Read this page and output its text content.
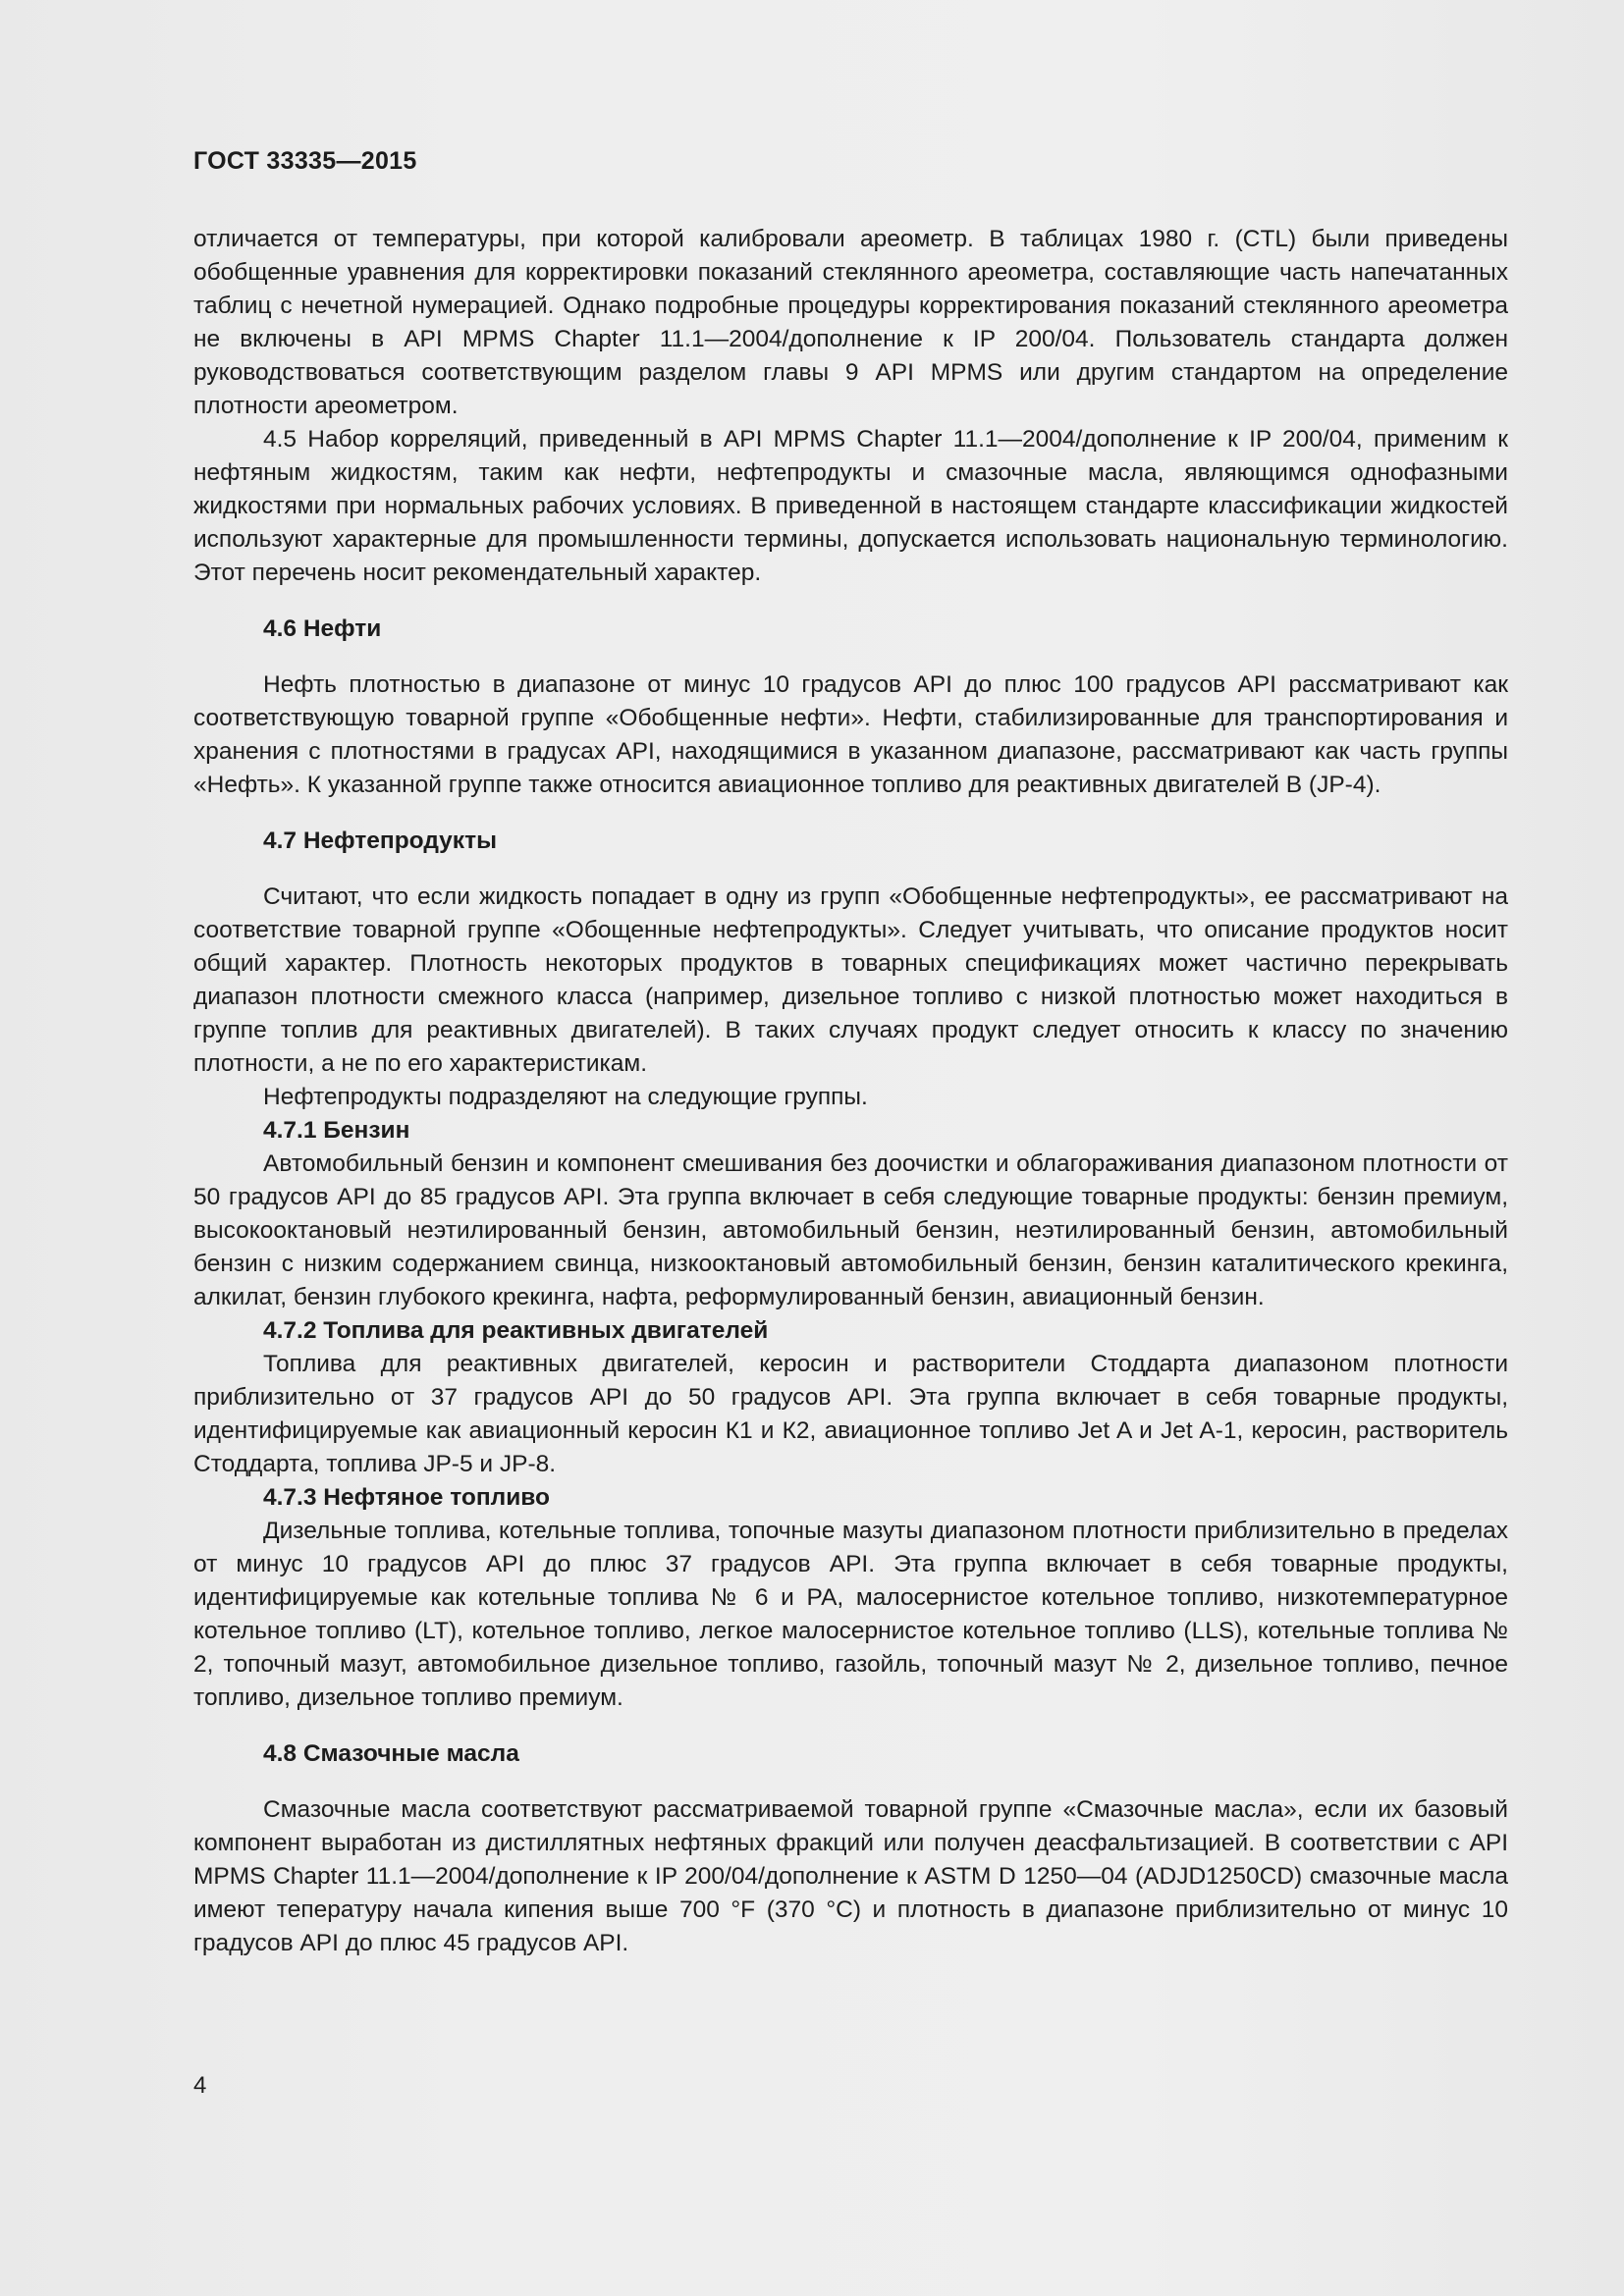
ГОСТ 33335—2015

отличается от температуры, при которой калибровали ареометр. В таблицах 1980 г. (CTL) были приведены обобщенные уравнения для корректировки показаний стеклянного ареометра, составляющие часть напечатанных таблиц с нечетной нумерацией. Однако подробные процедуры корректирования показаний стеклянного ареометра не включены в API MPMS Chapter 11.1—2004/дополнение к IP 200/04. Пользователь стандарта должен руководствоваться соответствующим разделом главы 9 API MPMS или другим стандартом на определение плотности ареометром.

4.5 Набор корреляций, приведенный в API MPMS Chapter 11.1—2004/дополнение к IP 200/04, применим к нефтяным жидкостям, таким как нефти, нефтепродукты и смазочные масла, являющимся однофазными жидкостями при нормальных рабочих условиях. В приведенной в настоящем стандарте классификации жидкостей используют характерные для промышленности термины, допускается использовать национальную терминологию. Этот перечень носит рекомендательный характер.

4.6 Нефти

Нефть плотностью в диапазоне от минус 10 градусов API до плюс 100 градусов API рассматривают как соответствующую товарной группе «Обобщенные нефти». Нефти, стабилизированные для транспортирования и хранения с плотностями в градусах API, находящимися в указанном диапазоне, рассматривают как часть группы «Нефть». К указанной группе также относится авиационное топливо для реактивных двигателей B (JP-4).

4.7 Нефтепродукты

Считают, что если жидкость попадает в одну из групп «Обобщенные нефтепродукты», ее рассматривают на соответствие товарной группе «Обощенные нефтепродукты». Следует учитывать, что описание продуктов носит общий характер. Плотность некоторых продуктов в товарных спецификациях может частично перекрывать диапазон плотности смежного класса (например, дизельное топливо с низкой плотностью может находиться в группе топлив для реактивных двигателей). В таких случаях продукт следует относить к классу по значению плотности, а не по его характеристикам.

Нефтепродукты подразделяют на следующие группы.

4.7.1 Бензин

Автомобильный бензин и компонент смешивания без доочистки и облагораживания диапазоном плотности от 50 градусов API до 85 градусов API. Эта группа включает в себя следующие товарные продукты: бензин премиум, высокооктановый неэтилированный бензин, автомобильный бензин, неэтилированный бензин, автомобильный бензин с низким содержанием свинца, низкооктановый автомобильный бензин, бензин каталитического крекинга, алкилат, бензин глубокого крекинга, нафта, реформулированный бензин, авиационный бензин.

4.7.2 Топлива для реактивных двигателей

Топлива для реактивных двигателей, керосин и растворители Стоддарта диапазоном плотности приблизительно от 37 градусов API до 50 градусов API. Эта группа включает в себя товарные продукты, идентифицируемые как авиационный керосин К1 и К2, авиационное топливо Jet A и Jet A-1, керосин, растворитель Стоддарта, топлива JP-5 и JP-8.

4.7.3 Нефтяное топливо

Дизельные топлива, котельные топлива, топочные мазуты диапазоном плотности приблизительно в пределах от минус 10 градусов API до плюс 37 градусов API. Эта группа включает в себя товарные продукты, идентифицируемые как котельные топлива № 6 и PA, малосернистое котельное топливо, низкотемпературное котельное топливо (LT), котельное топливо, легкое малосернистое котельное топливо (LLS), котельные топлива № 2, топочный мазут, автомобильное дизельное топливо, газойль, топочный мазут № 2, дизельное топливо, печное топливо, дизельное топливо премиум.

4.8 Смазочные масла

Смазочные масла соответствуют рассматриваемой товарной группе «Смазочные масла», если их базовый компонент выработан из дистиллятных нефтяных фракций или получен деасфальтизацией. В соответствии с API MPMS Chapter 11.1—2004/дополнение к IP 200/04/дополнение к ASTM D 1250—04 (ADJD1250CD) смазочные масла имеют тепературу начала кипения выше 700 °F (370 °С) и плотность в диапазоне приблизительно от минус 10 градусов API до плюс 45 градусов API.

4
